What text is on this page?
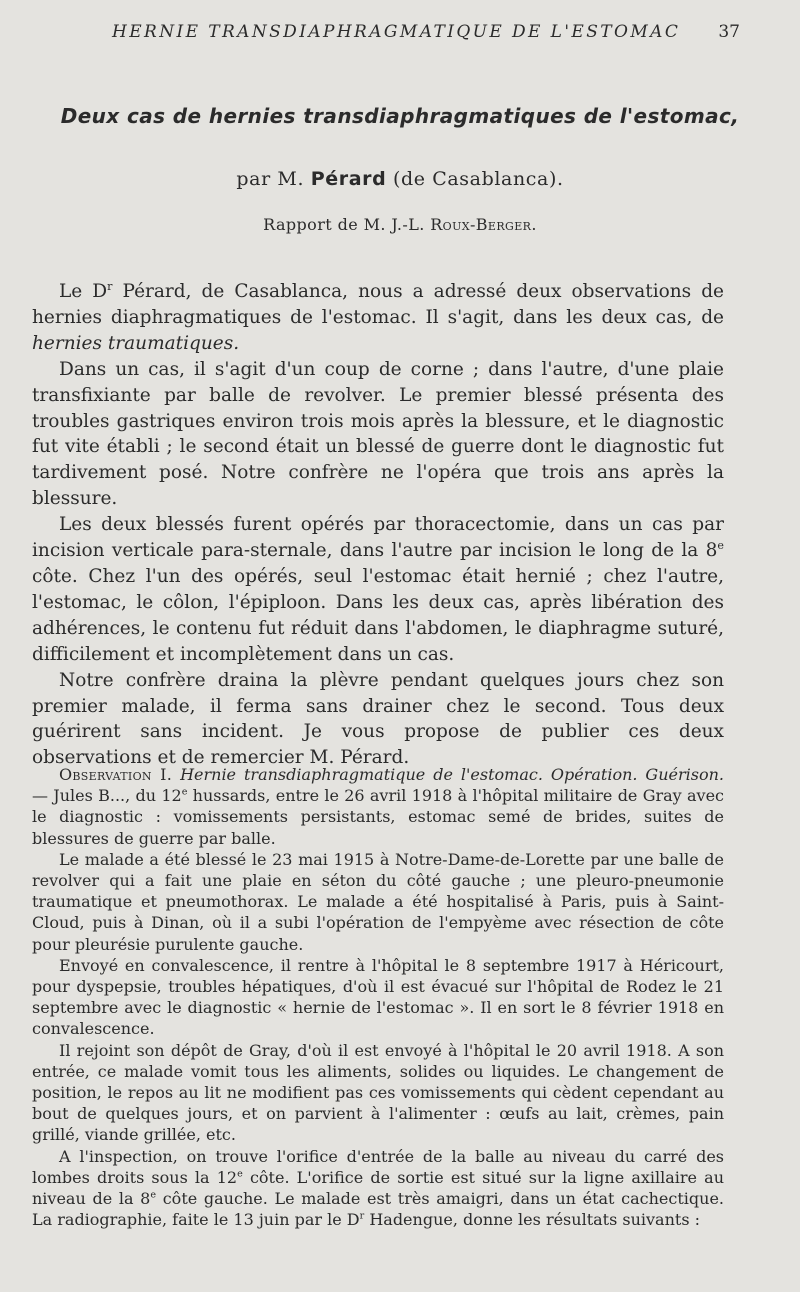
HERNIE TRANSDIAPHRAGMATIQUE DE L'ESTOMAC 37
Deux cas de hernies transdiaphragmatiques de l'estomac,
par M. Pérard (de Casablanca).
Rapport de M. J.-L. Roux-Berger.

Le $D^r$ Pérard, de Casablanca, nous a adressé deux observations de hernies diaphragmatiques de l'estomac. Il s'agit, dans les deux cas, de hernies traumatiques.

Dans un cas, il s'agit d'un coup de corne ; dans l'autre, d'une plaie transfixiante par balle de revolver. Le premier blessé présenta des troubles gastriques environ trois mois après la blessure, et le diagnostic fut vite établi ; le second était un blessé de guerre dont le diagnostic fut tardivement posé. Notre confrère ne l'opéra que trois ans après la blessure.

Les deux blessés furent opérés par thoracectomie, dans un cas par incision verticale para-sternale, dans l'autre par incision le long de la 8e côte. Chez l'un des opérés, seul l'estomac était hernié ; chez l'autre, l'estomac, le côlon, l'épiploon. Dans les deux cas, après libération des adhérences, le contenu fut réduit dans l'abdomen, le diaphragme suturé, difficilement et incomplètement dans un cas.

Notre confrère draina la plèvre pendant quelques jours chez son premier malade, il ferma sans drainer chez le second. Tous deux guérirent sans incident. Je vous propose de publier ces deux observations et de remercier M. Pérard.

Observation I. Hernie transdiaphragmatique de l'estomac. Opération. Guérison. — Jules B..., du 12e hussards, entre le 26 avril 1918 à l'hôpital militaire de Gray avec le diagnostic : vomissements persistants, estomac semé de brides, suites de blessures de guerre par balle.

Le malade a été blessé le 23 mai 1915 à Notre-Dame-de-Lorette par une balle de revolver qui a fait une plaie en séton du côté gauche ; une pleuro-pneumonie traumatique et pneumothorax. Le malade a été hospitalisé à Paris, puis à Saint-Cloud, puis à Dinan, où il a subi l'opération de l'empyème avec résection de côte pour pleurésie purulente gauche.

Envoyé en convalescence, il rentre à l'hôpital le 8 septembre 1917 à Héricourt, pour dyspepsie, troubles hépatiques, d'où il est évacué sur l'hôpital de Rodez le 21 septembre avec le diagnostic « hernie de l'estomac ». Il en sort le 8 février 1918 en convalescence.

Il rejoint son dépôt de Gray, d'où il est envoyé à l'hôpital le 20 avril 1918. A son entrée, ce malade vomit tous les aliments, solides ou liquides. Le changement de position, le repos au lit ne modifient pas ces vomissements qui cèdent cependant au bout de quelques jours, et on parvient à l'alimenter : œufs au lait, crèmes, pain grillé, viande grillée, etc.

A l'inspection, on trouve l'orifice d'entrée de la balle au niveau du carré des lombes droits sous la 12e côte. L'orifice de sortie est situé sur la ligne axillaire au niveau de la 8e côte gauche. Le malade est très amaigri, dans un état cachectique. La radiographie, faite le 13 juin par le $D^r$ Hadengue, donne les résultats suivants :
